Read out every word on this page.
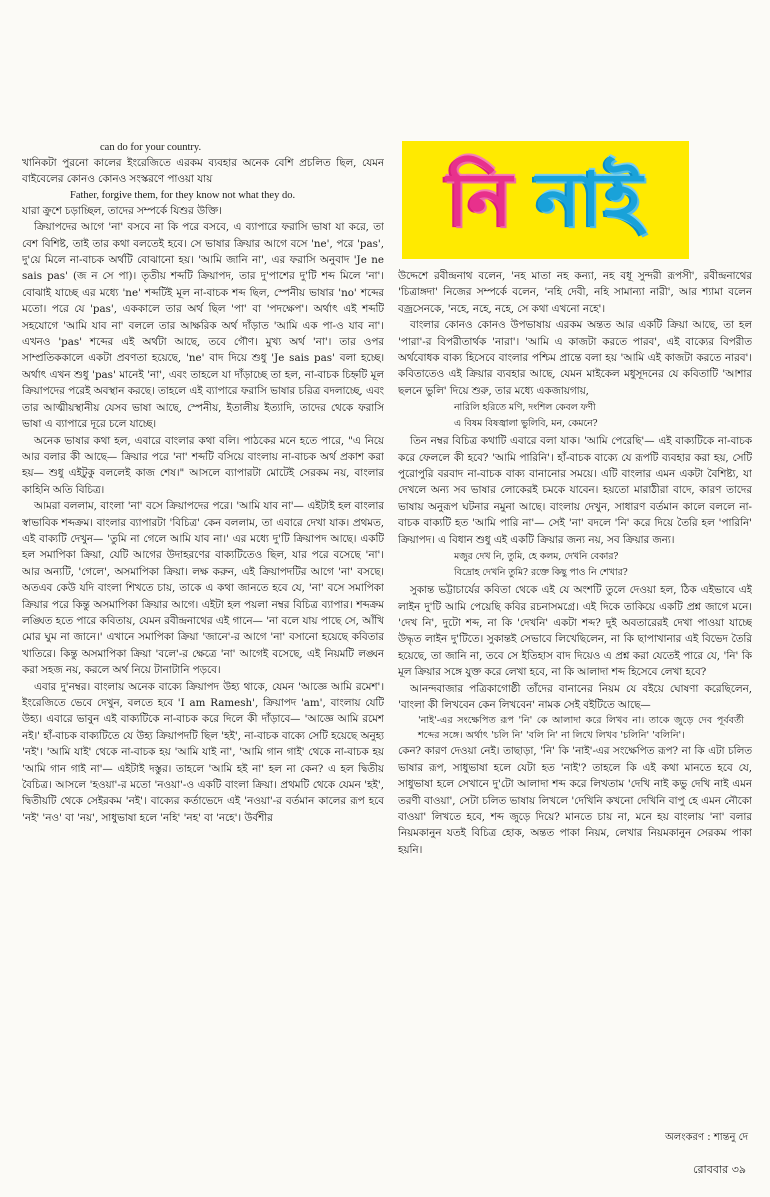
can do for your country.

খানিকটা পুরনো কালের ইংরেজিতে এরকম ব্যবহার অনেক বেশি প্রচলিত ছিল, যেমন বাইবেলের কোনও কোনও সংস্করণে পাওয়া যায়

Father, forgive them, for they know not what they do.

যারা ক্রুশে চড়াচ্ছিল, তাদের সম্পর্কে যিশুর উক্তি।

ক্রিয়াপদের আগে 'না' বসবে না কি পরে বসবে, এ ব্যাপারে ফরাসি ভাষা যা করে, তা বেশ বিশিষ্ট, তাই তার কথা বলতেই হবে। সে ভাষার ক্রিয়ার আগে বসে 'ne', পরে 'pas', দু'য়ে মিলে না-বাচক অর্থটি বোঝানো হয়। 'আমি জানি না', এর ফরাসি অনুবাদ 'Je ne sais pas' (জ ন সে পা)। তৃতীয় শব্দটি ক্রিয়াপদ, তার দু'পাশের দু'টি শব্দ মিলে 'না'। বোঝাই যাচ্ছে এর মধ্যে 'ne' শব্দটিই মূল না-বাচক শব্দ ছিল, স্পেনীয় ভাষার 'no' শব্দের মতো। পরে যে 'pas', এককালে তার অর্থ ছিল 'পা' বা 'পদক্ষেপ'। অর্থাৎ এই শব্দটি সহযোগে 'আমি যাব না' বললে তার আক্ষরিক অর্থ দাঁড়াত 'আমি এক পা-ও যাব না'। এখনও 'pas' শব্দের এই অর্থটা আছে, তবে গৌণ। মুখ্য অর্থ 'না'। তার ওপর সাম্প্রতিককালে একটা প্রবণতা হয়েছে, 'ne' বাদ দিয়ে শুধু 'Je sais pas' বলা হচ্ছে। অর্থাৎ এখন শুধু 'pas' মানেই 'না', এবং তাহলে যা দাঁড়াচ্ছে তা হল, না-বাচক চিহ্নটি মূল ক্রিয়াপদের পরেই অবস্থান করছে। তাহলে এই ব্যাপারে ফরাসি ভাষার চরিত্র বদলাচ্ছে, এবং তার আত্মীয়স্থানীয় যেসব ভাষা আছে, স্পেনীয়, ইতালীয় ইত্যাদি, তাদের থেকে ফরাসি ভাষা এ ব্যাপারে দূরে চলে যাচ্ছে।

অনেক ভাষার কথা হল, এবারে বাংলার কথা বলি। পাঠকের মনে হতে পারে, "এ নিয়ে আর বলার কী আছে— ক্রিয়ার পরে 'না' শব্দটি বসিয়ে বাংলায় না-বাচক অর্থ প্রকাশ করা হয়— শুধু এইটুকু বললেই কাজ শেষ।" আসলে ব্যাপারটা মোটেই সেরকম নয়, বাংলার কাহিনি অতি বিচিত্র।

আমরা বললাম, বাংলা 'না' বসে ক্রিয়াপদের পরে। 'আমি যাব না'— এইটাই হল বাংলার স্বাভাবিক শব্দক্রম। বাংলার ব্যাপারটা 'বিচিত্র' কেন বললাম, তা এবারে দেখা যাক। প্রথমত, এই বাক্যটি দেখুন— 'তুমি না গেলে আমি যাব না।' এর মধ্যে দু'টি ক্রিয়াপদ আছে। একটি হল সমাপিকা ক্রিয়া, যেটি আগের উদাহরণের বাক্যটিতেও ছিল, যার পরে বসেছে 'না'। আর অন্যটি, 'গেলে', অসমাপিকা ক্রিয়া। লক্ষ করুন, এই ক্রিয়াপদটির আগে 'না' বসছে। অতএব কেউ যদি বাংলা শিখতে চায়, তাকে এ কথা জানতে হবে যে, 'না' বসে সমাপিকা ক্রিয়ার পরে কিন্তু অসমাপিকা ক্রিয়ার আগে। এইটা হল পয়লা নম্বর বিচিত্র ব্যাপার। শব্দক্রম লঙ্ঘিত হতে পারে কবিতায়, যেমন রবীন্দ্রনাথের এই গানে— 'না বলে যায় পাছে সে, আঁখি মোর ঘুম না জানে।' এখানে সমাপিকা ক্রিয়া 'জানে'-র আগে 'না' বসানো হয়েছে কবিতার খাতিরে। কিন্তু অসমাপিকা ক্রিয়া 'বলে'-র ক্ষেত্রে 'না' আগেই বসেছে, এই নিয়মটি লঙ্ঘন করা সহজ নয়, করলে অর্থ নিয়ে টানাটানি পড়বে।

এবার দু'নম্বর। বাংলায় অনেক বাক্যে ক্রিয়াপদ উহ্য থাকে, যেমন 'আজ্ঞে আমি রমেশ'। ইংরেজিতে ভেবে দেখুন, বলতে হবে 'I am Ramesh', ক্রিয়াপদ 'am', বাংলায় যেটি উহ্য। এবারে ভাবুন এই বাক্যটিকে না-বাচক করে দিলে কী দাঁড়াবে— 'আজ্ঞে আমি রমেশ নই।' হাঁ-বাচক বাক্যটিতে যে উহ্য ক্রিয়াপদটি ছিল 'হই', না-বাচক বাক্যে সেটি হয়েছে অনুহ্য 'নই'। 'আমি যাই' থেকে না-বাচক হয় 'আমি যাই না', 'আমি গান গাই' থেকে না-বাচক হয় 'আমি গান গাই না'— এইটাই দস্তুর। তাহলে 'আমি হই না' হল না কেন? এ হল দ্বিতীয় বৈচিত্র। আসলে 'হওয়া'-র মতো 'নওয়া'-ও একটি বাংলা ক্রিয়া। প্রথমটি থেকে যেমন 'হই', দ্বিতীয়টি থেকে সেইরকম 'নই'। বাক্যের কর্তাভেদে এই 'নওয়া'-র বর্তমান কালের রূপ হবে 'নই' 'নও' বা 'নয়', সাধুভাষা হলে 'নহি' 'নহ' বা 'নহে'। উর্বশীর

নি নাই

উদ্দেশে রবীন্দ্রনাথ বলেন, 'নহ মাতা নহ কন্যা, নহ বধূ সুন্দরী রূপসী', রবীন্দ্রনাথের 'চিত্রাঙ্গদা' নিজের সম্পর্কে বলেন, 'নহি দেবী, নহি সামান্যা নারী', আর শ্যামা বলেন বজ্রসেনকে, 'নহে, নহে, নহে, সে কথা এখনো নহে'।

বাংলার কোনও কোনও উপভাষায় এরকম অন্তত আর একটি ক্রিয়া আছে, তা হল 'পারা'-র বিপরীতার্থক 'নারা'। 'আমি এ কাজটা করতে পারব', এই বাক্যের বিপরীত অর্থবোধক বাক্য হিসেবে বাংলার পশ্চিম প্রান্তে বলা হয় 'আমি এই কাজটা করতে নারব'। কবিতাতেও এই ক্রিয়ার ব্যবহার আছে, যেমন মাইকেল মধুসূদনের যে কবিতাটি 'আশার ছলনে ভুলি' দিয়ে শুরু, তার মধ্যে একজায়গায়,

নারিলি হরিতে মণি, দংশিল কেবল ফণী

এ বিষম বিষজ্বালা ভুলিবি, মন, কেমনে?

তিন নম্বর বিচিত্র কথাটি এবারে বলা যাক। 'আমি পেরেছি'— এই বাক্যটিকে না-বাচক করে ফেললে কী হবে? 'আমি পারিনি'। হাঁ-বাচক বাক্যে যে রূপটি ব্যবহার করা হয়, সেটি পুরোপুরি বরবাদ না-বাচক বাক্য বানানোর সময়ে। এটি বাংলার এমন একটা বৈশিষ্ট্য, যা দেখলে অন্য সব ভাষার লোকেরই চমকে যাবেন। হয়তো মারাঠীরা বাদে, কারণ তাদের ভাষায় অনুরূপ ঘটনার নমুনা আছে। বাংলায় দেখুন, সাধারণ বর্তমান কালে বললে না-বাচক বাক্যটি হত 'আমি পারি না'— সেই 'না' বদলে 'নি' করে দিয়ে তৈরি হল 'পারিনি' ক্রিয়াপদ। এ বিধান শুধু এই একটি ক্রিয়ার জন্য নয়, সব ক্রিয়ার জন্য।

মজুর দেখ নি, তুমি, হে কলম, দেখনি বেকার?

বিদ্রোহ দেখনি তুমি? রক্তে কিছু পাও নি শেখার?

সুকান্ত ভট্টাচার্যের কবিতা থেকে এই যে অংশটি তুলে দেওয়া হল, ঠিক এইভাবে এই লাইন দু'টি আমি পেয়েছি কবির রচনাসমগ্রে। এই দিকে তাকিয়ে একটি প্রশ্ন জাগে মনে। 'দেখ নি', দুটো শব্দ, না কি 'দেখনি' একটা শব্দ? দুই অবতারেরই দেখা পাওয়া যাচ্ছে উদ্ধৃত লাইন দু'টিতে। সুকান্তই সেভাবে লিখেছিলেন, না কি ছাপাখানার এই বিভেদ তৈরি হয়েছে, তা জানি না, তবে সে ইতিহাস বাদ দিয়েও এ প্রশ্ন করা যেতেই পারে যে, 'নি' কি মূল ক্রিয়ার সঙ্গে যুক্ত করে লেখা হবে, না কি আলাদা শব্দ হিসেবে লেখা হবে?

আনন্দবাজার পত্রিকাগোষ্ঠী তাঁদের বানানের নিয়ম যে বইয়ে ঘোষণা করেছিলেন, 'বাংলা কী লিখবেন কেন লিখবেন' নামক সেই বইটিতে আছে—

'নাই'-এর সংক্ষেপিত রূপ 'নি' কে আলাদা করে লিখব না। তাকে জুড়ে দেব পূর্ববর্তী শব্দের সঙ্গে। অর্থাৎ 'চলি নি' 'বলি নি' না লিখে লিখব 'চলিনি' 'বলিনি'।

কেন? কারণ দেওয়া নেই। তাছাড়া, 'নি' কি 'নাই'-এর সংক্ষেপিত রূপ? না কি এটা চলিত ভাষার রূপ, সাধুভাষা হলে যেটা হত 'নাই'? তাহলে কি এই কথা মানতে হবে যে, সাধুভাষা হলে সেখানে দু'টো আলাদা শব্দ করে লিখতাম 'দেখি নাই কভু দেখি নাই এমন তরণী বাওয়া', সেটা চলিত ভাষায় লিখলে 'দেখিনি কখনো দেখিনি বাপু হে এমন নৌকো বাওয়া' লিখতে হবে, শব্দ জুড়ে দিয়ে? মানতে চায় না, মনে হয় বাংলায় 'না' বলার নিয়মকানুন যতই বিচিত্র হোক, অন্তত পাকা নিয়ম, লেখার নিয়মকানুন সেরকম পাকা হয়নি।

অলংকরণ : শান্তনু দে
রোববার ৩৯
